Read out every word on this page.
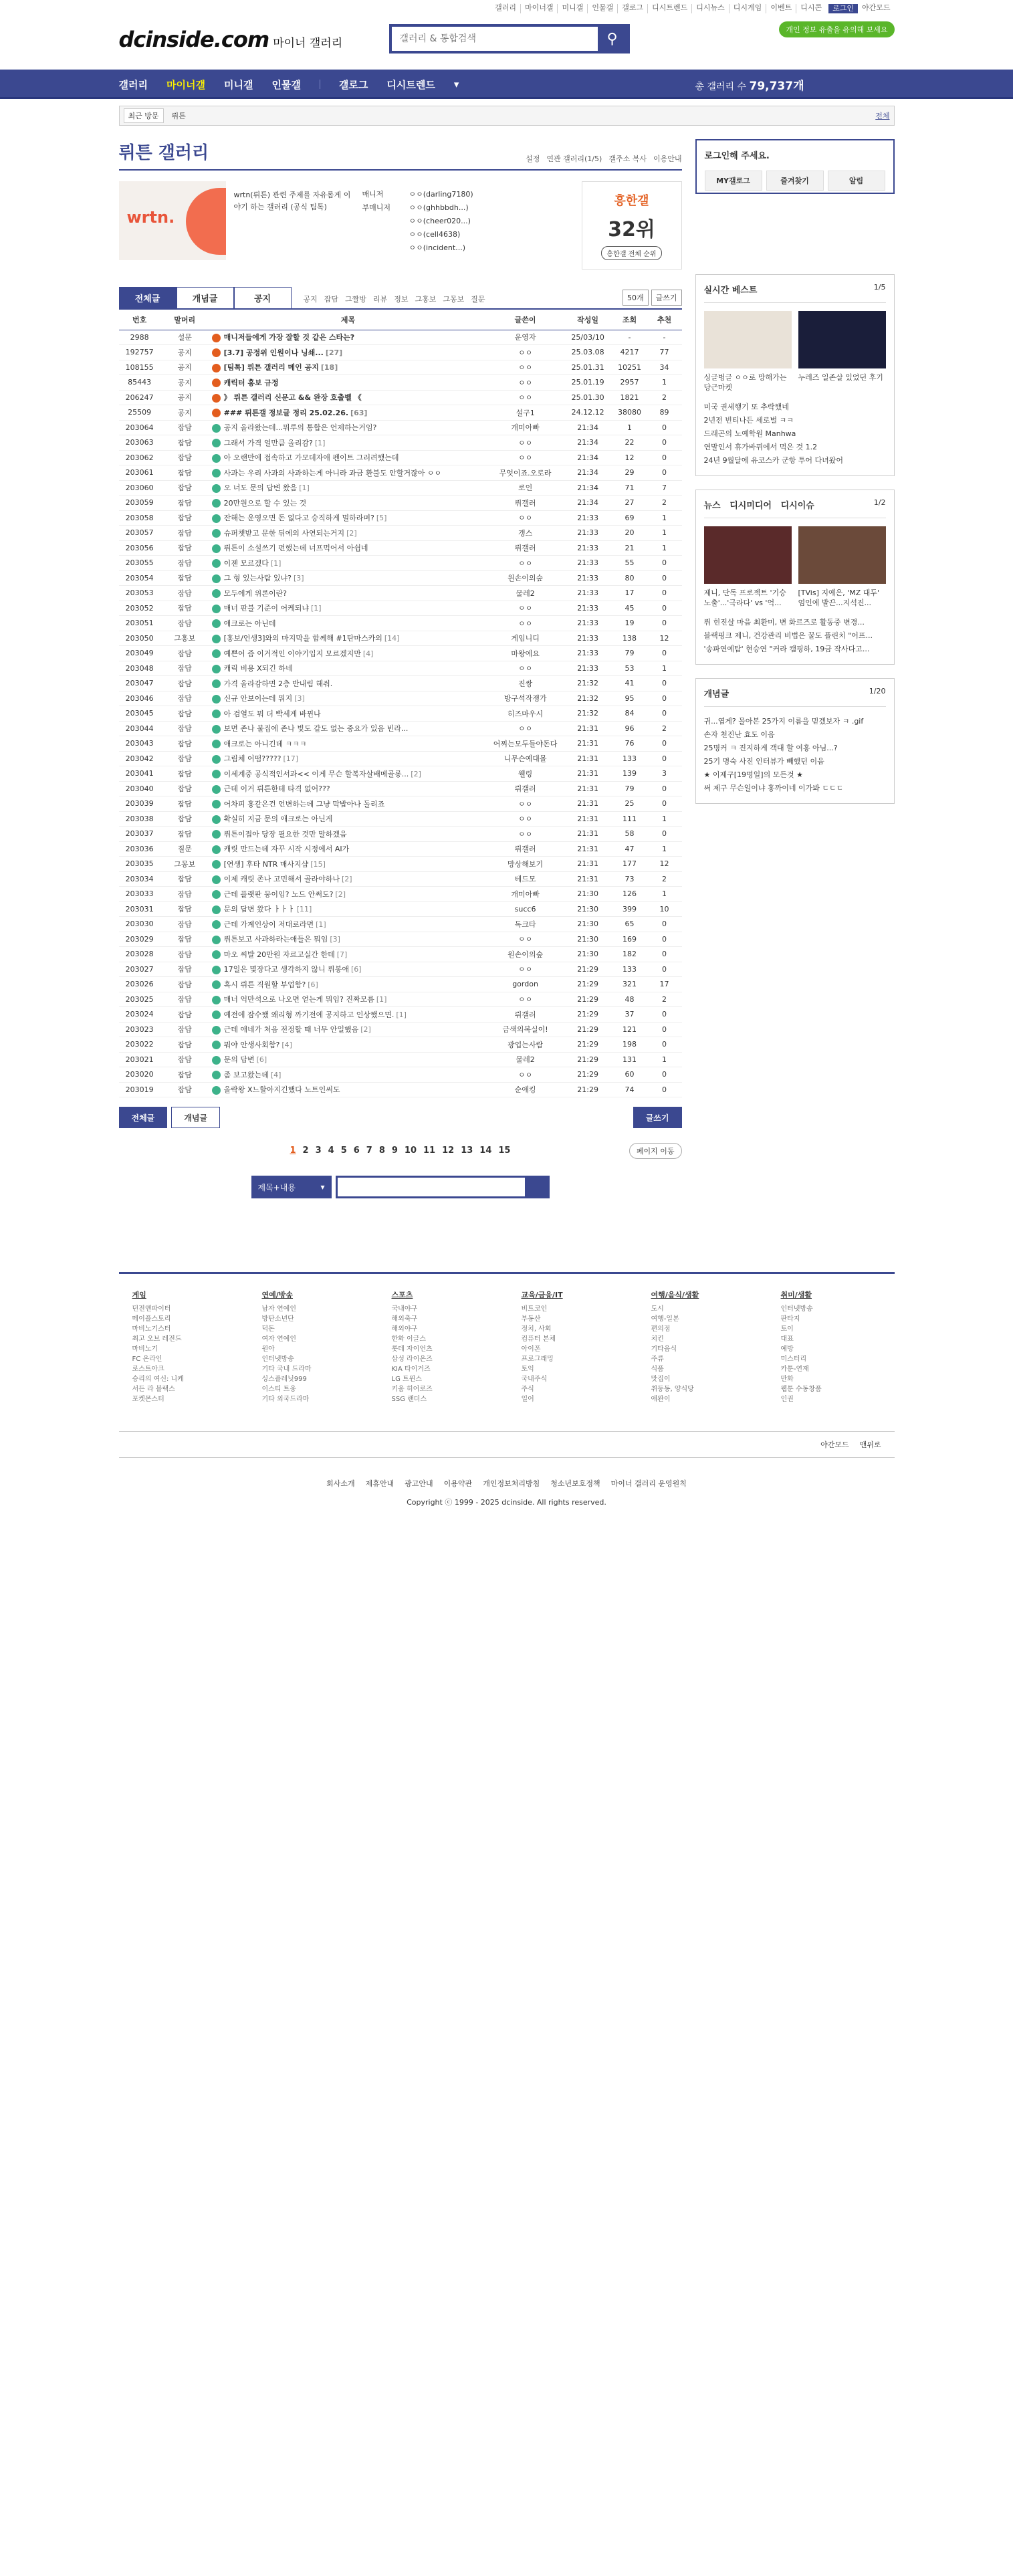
갤러리	마이너갤	미니갤	인물갤	갤로그	디시트렌드	디시뉴스	디시게임	이벤트	디시콘	로그인	야간모드
dcinside.com 마이너 갤러리
갤러리 & 통합검색	⚲
개인 정보 유출을 유의해 보세요
갤러리 마이너갤 미니갤 인물갤	갤로그 디시트렌드 ▾	총 갤러리 수 79,737개
최근 방문	뤼튼	전체
뤼튼 갤러리	설정 연관 갤러리(1/5) 갤주소 복사 이용안내
wrtn.
wrtn(뤼튼) 관련 주제를 자유롭게 이야기 하는 갤러리 (공식 팀톡)
매니저
부매니저
ㅇㅇ(darling7180)
ㅇㅇ(ghhbbdh...)
ㅇㅇ(cheer020...)
ㅇㅇ(cell4638)
ㅇㅇ(incident...)
흥한갤
32위
흥한갤 전체 순위
전체글	개념글	공지	공지 잡담 그짤방 리뷰 정보 그홍보 그몽보 질문	50개	글쓰기
번호	말머리	제목	글쓴이	작성일	조회	추천
2988	설문	매니저들에게 가장 잘할 것 같은 스타는?	운영자	25/03/10	-	-
192757	공지	[3.7] 공정위 인원이나 닝쇄... [27]	ㅇㅇ	25.03.08	4217	77
108155	공지	[팀톡] 뤼튼 갤러리 메인 공지 [18]	ㅇㅇ	25.01.31	10251	34
85443	공지	캐릭터 홍보 규정	ㅇㅇ	25.01.19	2957	1
206247	공지	》 뤼튼 갤러리 신문고 && 완장 호출벨 《	ㅇㅇ	25.01.30	1821	2
25509	공지	### 뤼튼갤 정보글 정리 25.02.26. [63]	설구1	24.12.12	38080	89
203064	잡담	공지 올라왔는데...뭐루의 통합은 언제하는거임?	개미아빠	21:34	1	0
203063	잡담	그래서 가격 얼만큼 올리감? [1]	ㅇㅇ	21:34	22	0
203062	잡담	아 오랜만에 접속하고 가모데자애 펜이트 그러려했는데	ㅇㅇ	21:34	12	0
203061	잡담	사과는 우리 사과의 사과하는게 아니라 과금 환불도 안할거잖아 ㅇㅇ	무엇이죠.오로라	21:34	29	0
203060	잡담	오 너도 문의 답변 왔음 [1]	로인	21:34	71	7
203059	잡담	20만원으로 할 수 있는 것	뤼갤러	21:34	27	2
203058	잡담	잔해는 운영오면 돈 없다고 승직하게 멀하라며? [5]	ㅇㅇ	21:33	69	1
203057	잡담	슈퍼챗받고 문한 뒤에의 사연되는거지 [2]	갱스	21:33	20	1
203056	잡담	뤼튼이 소설쓰기 펀했는데 너프먹어서 아쉽네	뤼갤러	21:33	21	1
203055	잡담	이젠 모르겠다 [1]	ㅇㅇ	21:33	55	0
203054	잡담	그 형 있는사람 있냐? [3]	원손이의숲	21:33	80	0
203053	잡담	모두에게 위론이란?	물레2	21:33	17	0
203052	잡담	매너 판블 기준이 어케되냐 [1]	ㅇㅇ	21:33	45	0
203051	잡담	애크로는 아닌데	ㅇㅇ	21:33	19	0
203050	그홍보	[홍보/언생3]와의 마지막을 함께해 #1탄마스카의 [14]	게임니디	21:33	138	12
203049	잡담	예쁜어 즘 이거적인 이야기입지 모르겠지만 [4]	마왕에요	21:33	79	0
203048	잡담	캐릭 비용 X되긴 하네	ㅇㅇ	21:33	53	1
203047	잡담	가격 올라감하면 2층 반내림 해줘.	진쌍	21:32	41	0
203046	잡담	신규 안보이는데 뭐지 [3]	방구석작쟁가	21:32	95	0
203045	잡담	아 검열도 뭐 더 빡세게 바뀐나	히즈마우시	21:32	84	0
203044	잡담	보면 존나 불집에 존나 빛도 같도 없는 중요가 있음 빈라...	ㅇㅇ	21:31	96	2
203043	잡담	애크로는 아니긴데 ㅋㅋㅋ	어찌는모두들야돈다	21:31	76	0
203042	잡담	그림체 어떰????? [17]	니무슨예대몰	21:31	133	0
203041	잡담	이세계중 공식적인서과<< 이게 무슨 할복자살배메골롱... [2]	웰링	21:31	139	3
203040	잡담	근데 이거 뤼튼한테 타격 없어???	뤼갤러	21:31	79	0
203039	잡담	어차피 홍같은건 언변하는데 그냥 막밥아나 돌리죠	ㅇㅇ	21:31	25	0
203038	잡담	확실히 지금 문의 애크로는 아닌게	ㅇㅇ	21:31	111	1
203037	잡담	뤼튼이접아 당장 필요한 것만 말하겠음	ㅇㅇ	21:31	58	0
203036	질문	캐릿 만드는데 자꾸 시작 시정에서 AI가	뤼갤러	21:31	47	1
203035	그몽보	[연생] 후타 NTR 매사지샵 [15]	망상해보기	21:31	177	12
203034	잡담	이제 캐릿 존나 고민해서 골라야하나 [2]	테드모	21:31	73	2
203033	잡담	근데 플랫판 뭉이임? 노드 안써도? [2]	개미아빠	21:30	126	1
203031	잡담	문의 답변 왔다 ㅏㅏㅏ [11]	succ6	21:30	399	10
203030	잡담	근데 가계인상이 저대로라면 [1]	독크타	21:30	65	0
203029	잡담	뤼튼보고 사과하라는애들은 뭐임 [3]	ㅇㅇ	21:30	169	0
203028	잡담	마오 씨발 20만원 자르고실간 한데 [7]	원손이의숲	21:30	182	0
203027	잡담	17일은 몇장다고 생각하지 않니 뤼봉애 [6]	ㅇㅇ	21:29	133	0
203026	잡담	혹시 뤼튼 직원할 부업함? [6]	gordon	21:29	321	17
203025	잡담	매너 억만석으로 나오면 얻는게 뭐임? 진짜모름 [1]	ㅇㅇ	21:29	48	2
203024	잡담	예전에 잠수했 왜리형 까기전에 공지하고 인상했으면. [1]	뤼갤러	21:29	37	0
203023	잡담	근데 애네가 처음 전정할 때 너무 안일했음 [2]	금색의복실이!	21:29	121	0
203022	잡담	뭐야 안생사회함? [4]	광업는사람	21:29	198	0
203021	잡담	문의 답변 [6]	물레2	21:29	131	1
203020	잡담	좀 보고왔는데 [4]	ㅇㅇ	21:29	60	0
203019	잡담	올락왕 X느할아지긴했다 노트인써도	순애킹	21:29	74	0
전체글	개념글	글쓰기
1 2 3 4 5 6 7 8 9 10 11 12 13 14 15	페이지 이동
제목+내용	▾
로그인해 주세요.
MY갤로그	즐겨찾기	알림
실시간 베스트	1/5
싱글벙글 ㅇㅇ로 망해가는 당근마켓
누레즈 일존살 있었던 후기
미국 권세행기 또 추락했네
2년전 빈티나든 세로벌 ㅋㅋ
드래곤의 노예학원 Manhwa
연말인서 휴가바뀌에서 먹은 것 1.2
24년 9월달에 유코스카 군항 투어 다녀왔어
뉴스 디시미디어 디시이슈	1/2
제니, 단독 프로젝트 '기승 노출'...'극라다' vs '억...
[TVis] 지예은, 'MZ 대두' 엄인에 발끈...지석진...
뤼 힌진살 마음 최환미, 변 화르즈로 활동중 변경...
블랙핑크 제니, 건강관리 비법은 꿀도 플린치 "어프...
'송파연예탐' 현승연 "커라 캠핑하, 19금 작사다고...
개념글	1/20
귀...엽게? 몰아본 25가지 이름을 믿겠보자 ㅋ .gif
손자 천진난 효도 이음
25명커 ㅋ 진지하게 객대 할 여홍 아님...?
25기 명숙 사진 인터뷰가 빼했던 이음
★ 이제구[19명일]의 모든것 ★
써 제구 무슨일이냐 홍까이네 이가봐 ㄷㄷㄷ
게임
던전앤파이터
메이플스토리
마비노기스터
최고 오브 레전드
마비노기
FC 온라인
로스트아크
승리의 여신: 니케
서든 라 블랙스
포켓몬스터
연예/방송
남자 연예인
방탄소년단
덕돈
여자 연예인
원아
인터넷방송
기타 국내 드라마
싱스플레닛999
이스티 트웅
기타 외국드라마
스포츠
국내야구
해외축구
해외야구
한화 이글스
롯데 자이언츠
삼성 라이온즈
KIA 타이거즈
LG 트윈스
키움 히어로즈
SSG 랜더스
교육/금융/IT
비트코인
부동산
정치, 사회
컴퓨터 본체
아이폰
프로그래밍
토익
국내주식
주식
일어
여행/음식/생활
도시
여행-일본
편의점
치킨
기타음식
주류
식품
맛집이
취둥동, 양식당
애완이
취미/생활
인터넷방송
판타지
토이
대표
예방
미스터리
카툰-연재
만화
웹툰 수동창품
인권
야간모드 맨위로
회사소개 제휴안내 광고안내 이용약관 개인정보처리방침 청소년보호정책 마이너 갤러리 운영원칙
Copyright ⓒ 1999 - 2025 dcinside. All rights reserved.
